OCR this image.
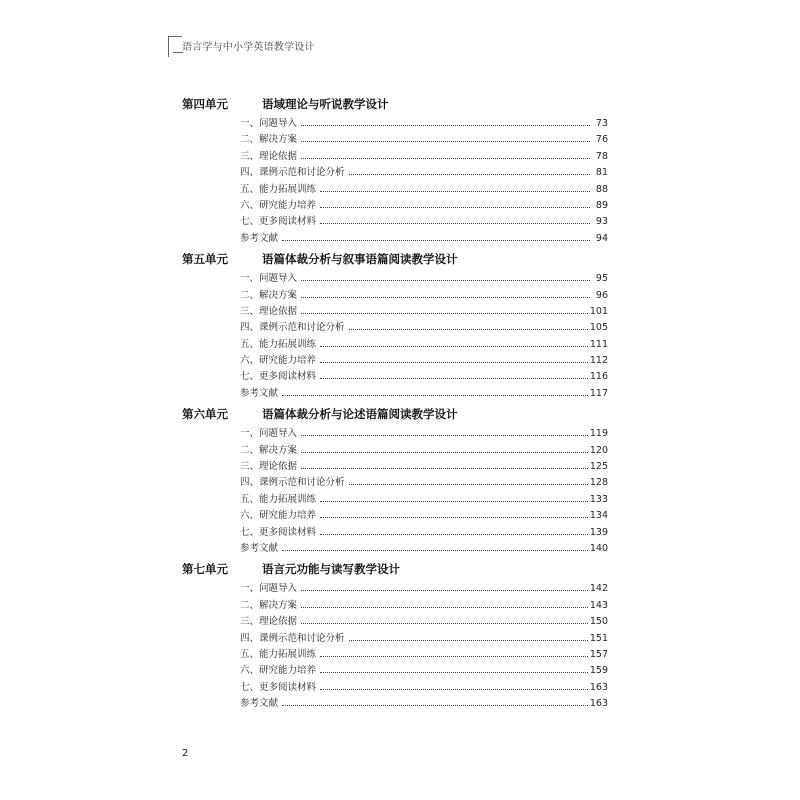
语言学与中小学英语教学设计
第四单元	语域理论与听说教学设计
一、问题导入	73
二、解决方案	76
三、理论依据	78
四、课例示范和讨论分析	81
五、能力拓展训练	88
六、研究能力培养	89
七、更多阅读材料	93
参考文献	94
第五单元	语篇体裁分析与叙事语篇阅读教学设计
一、问题导入	95
二、解决方案	96
三、理论依据	101
四、课例示范和讨论分析	105
五、能力拓展训练	111
六、研究能力培养	112
七、更多阅读材料	116
参考文献	117
第六单元	语篇体裁分析与论述语篇阅读教学设计
一、问题导入	119
二、解决方案	120
三、理论依据	125
四、课例示范和讨论分析	128
五、能力拓展训练	133
六、研究能力培养	134
七、更多阅读材料	139
参考文献	140
第七单元	语言元功能与读写教学设计
一、问题导入	142
二、解决方案	143
三、理论依据	150
四、课例示范和讨论分析	151
五、能力拓展训练	157
六、研究能力培养	159
七、更多阅读材料	163
参考文献	163
2
